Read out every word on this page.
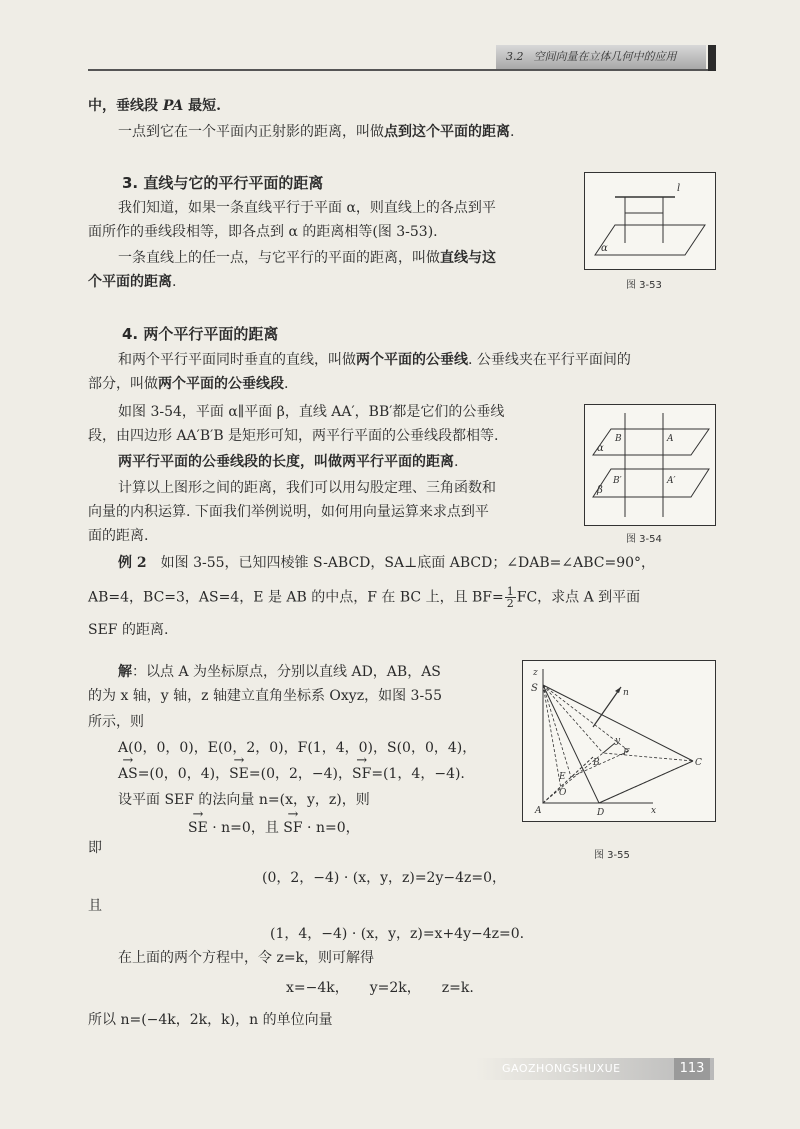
3.2 空间向量在立体几何中的应用
中，垂线段 PA 最短.
一点到它在一个平面内正射影的距离，叫做点到这个平面的距离.
3. 直线与它的平行平面的距离
我们知道，如果一条直线平行于平面 α，则直线上的各点到平
面所作的垂线段相等，即各点到 α 的距离相等(图 3-53).
一条直线上的任一点，与它平行的平面的距离，叫做直线与这
个平面的距离.
l
α
图 3-53
4. 两个平行平面的距离
和两个平行平面同时垂直的直线，叫做两个平面的公垂线. 公垂线夹在平行平面间的
部分，叫做两个平面的公垂线段.
如图 3-54，平面 α∥平面 β，直线 AA′，BB′都是它们的公垂线
段，由四边形 AA′B′B 是矩形可知，两平行平面的公垂线段都相等.
两平行平面的公垂线段的长度，叫做两平行平面的距离.
计算以上图形之间的距离，我们可以用勾股定理、三角函数和
向量的内积运算. 下面我们举例说明，如何用向量运算来求点到平
面的距离.
α
β
B	A
B′	A′
图 3-54
例 2　 如图 3-55，已知四棱锥 S-ABCD，SA⊥底面 ABCD；∠DAB=∠ABC=90°，
AB=4，BC=3，AS=4，E 是 AB 的中点，F 在 BC 上，且 $BF= \frac{1}{2}$ FC，求点 A 到平面
SEF 的距离.
解：以点 A 为坐标原点，分别以直线 AD，AB，AS
的为 x 轴，y 轴，z 轴建立直角坐标系 Oxyz，如图 3-55
所示，则
A(0，0，0)，E(0，2，0)，F(1，4，0)，S(0，0，4)，
→ AS=(0，0，4)，→ SE=(0，2，−4)，→ SF=(1，4，−4).
设平面 SEF 的法向量 n=(x，y，z)，则
→ SE · n=0，且 → SF · n=0，
z
S	n
y
F
B	C
E
O
A	D	x
图 3-55
即
(0，2，−4) · (x，y，z)=2y−4z=0，
且
(1，4，−4) · (x，y，z)=x+4y−4z=0.
在上面的两个方程中，令 z=k，则可解得
x=−4k，　　y=2k，　　z=k.
所以 n=(−4k，2k，k)，n 的单位向量
GAOZHONGSHUXUE	113
